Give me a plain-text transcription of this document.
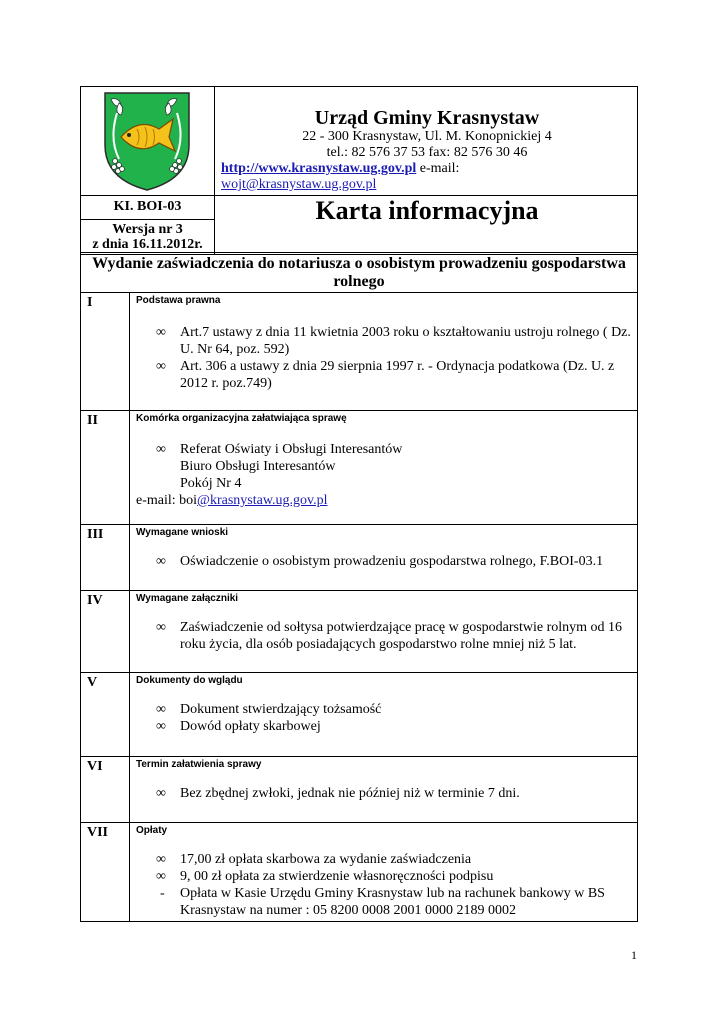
Urząd Gminy Krasnystaw
22 - 300 Krasnystaw, Ul. M. Konopnickiej 4
tel.: 82 576 37 53 fax: 82 576 30 46
http://www.krasnystaw.ug.gov.pl e-mail:
wojt@krasnystaw.ug.gov.pl
KI. BOI-03
Wersja nr 3
z dnia 16.11.2012r.
Karta informacyjna
Wydanie zaświadczenia do notariusza o osobistym prowadzeniu gospodarstwa rolnego
I	Podstawa prawna
∞ Art.7 ustawy z dnia 11 kwietnia 2003 roku o kształtowaniu ustroju rolnego ( Dz. U. Nr 64, poz. 592)
∞ Art. 306 a ustawy z dnia 29 sierpnia 1997 r. - Ordynacja podatkowa (Dz. U. z 2012 r. poz.749)
II	Komórka organizacyjna załatwiająca sprawę
∞ Referat Oświaty i Obsługi Interesantów
Biuro Obsługi Interesantów
Pokój Nr 4
e-mail: boi@krasnystaw.ug.gov.pl
III	Wymagane wnioski
∞ Oświadczenie o osobistym prowadzeniu gospodarstwa rolnego, F.BOI-03.1
IV	Wymagane załączniki
∞ Zaświadczenie od sołtysa potwierdzające pracę w gospodarstwie rolnym od 16 roku życia, dla osób posiadających gospodarstwo rolne mniej niż 5 lat.
V	Dokumenty do wglądu
∞ Dokument stwierdzający tożsamość
∞ Dowód opłaty skarbowej
VI	Termin załatwienia sprawy
∞ Bez zbędnej zwłoki, jednak nie później niż w terminie 7 dni.
VII	Opłaty
∞ 17,00 zł opłata skarbowa za wydanie zaświadczenia
∞ 9, 00 zł opłata za stwierdzenie własnoręczności podpisu
- Opłata w Kasie Urzędu Gminy Krasnystaw lub na rachunek bankowy w BS Krasnystaw na numer : 05 8200 0008 2001 0000 2189 0002
1
